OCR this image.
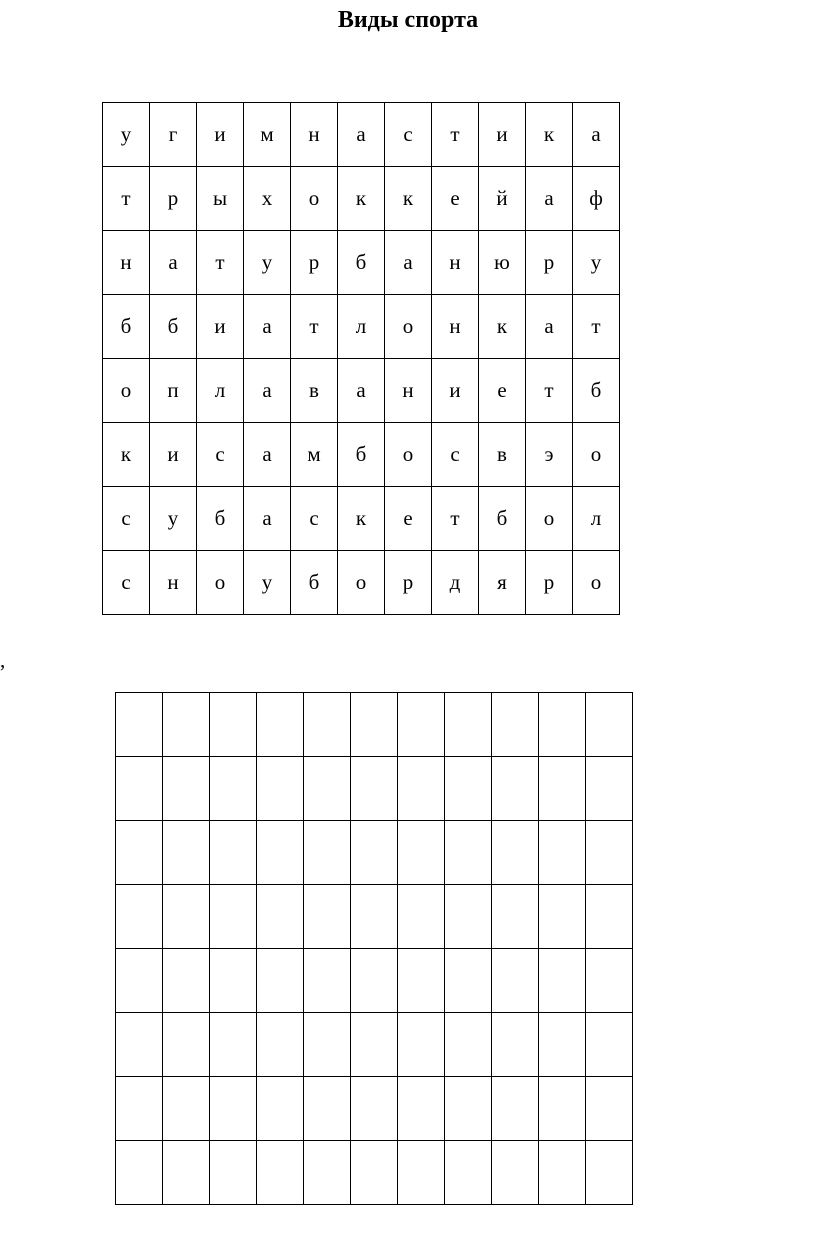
Виды спорта
у	г	и	м	н	а	с	т	и	к	а
т	р	ы	х	о	к	к	е	й	а	ф
н	а	т	у	р	б	а	н	ю	р	у
б	б	и	а	т	л	о	н	к	а	т
о	п	л	а	в	а	н	и	е	т	б
к	и	с	а	м	б	о	с	в	э	о
с	у	б	а	с	к	е	т	б	о	л
с	н	о	у	б	о	р	д	я	р	о
,
